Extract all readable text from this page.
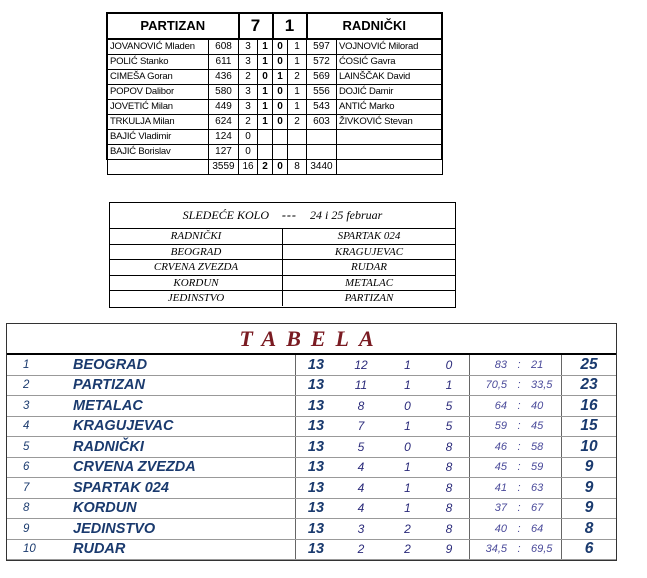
PARTIZAN		7		1		RADNIČKI	
JOVANOVIĆ Mladen	608	3	1	0	1	597	VOJNOVIĆ Milorad
POLIĆ Stanko	611	3	1	0	1	572	ĆOSIĆ Gavra
CIMEŠA Goran	436	2	0	1	2	569	LAINŠČAK David
POPOV Dalibor	580	3	1	0	1	556	DOJIĆ Damir
JOVETIĆ Milan	449	3	1	0	1	543	ANTIĆ Marko
TRKULJA Milan	624	2	1	0	2	603	ŽIVKOVIĆ Stevan
BAJIĆ Vladimir	124	0					
BAJIĆ Borislav	127	0					
	3559	16	2	0	8	3440	
SLEDEĆE KOLO --- 24 i 25 februar
RADNIČKI	SPARTAK 024
BEOGRAD	KRAGUJEVAC
CRVENA ZVEZDA	RUDAR
KORDUN	METALAC
JEDINSTVO	PARTIZAN
TABELA
1	BEOGRAD	13	12	1	0	83	:	21	25
2	PARTIZAN	13	11	1	1	70,5	:	33,5	23
3	METALAC	13	8	0	5	64	:	40	16
4	KRAGUJEVAC	13	7	1	5	59	:	45	15
5	RADNIČKI	13	5	0	8	46	:	58	10
6	CRVENA ZVEZDA	13	4	1	8	45	:	59	9
7	SPARTAK 024	13	4	1	8	41	:	63	9
8	KORDUN	13	4	1	8	37	:	67	9
9	JEDINSTVO	13	3	2	8	40	:	64	8
10	RUDAR	13	2	2	9	34,5	:	69,5	6
